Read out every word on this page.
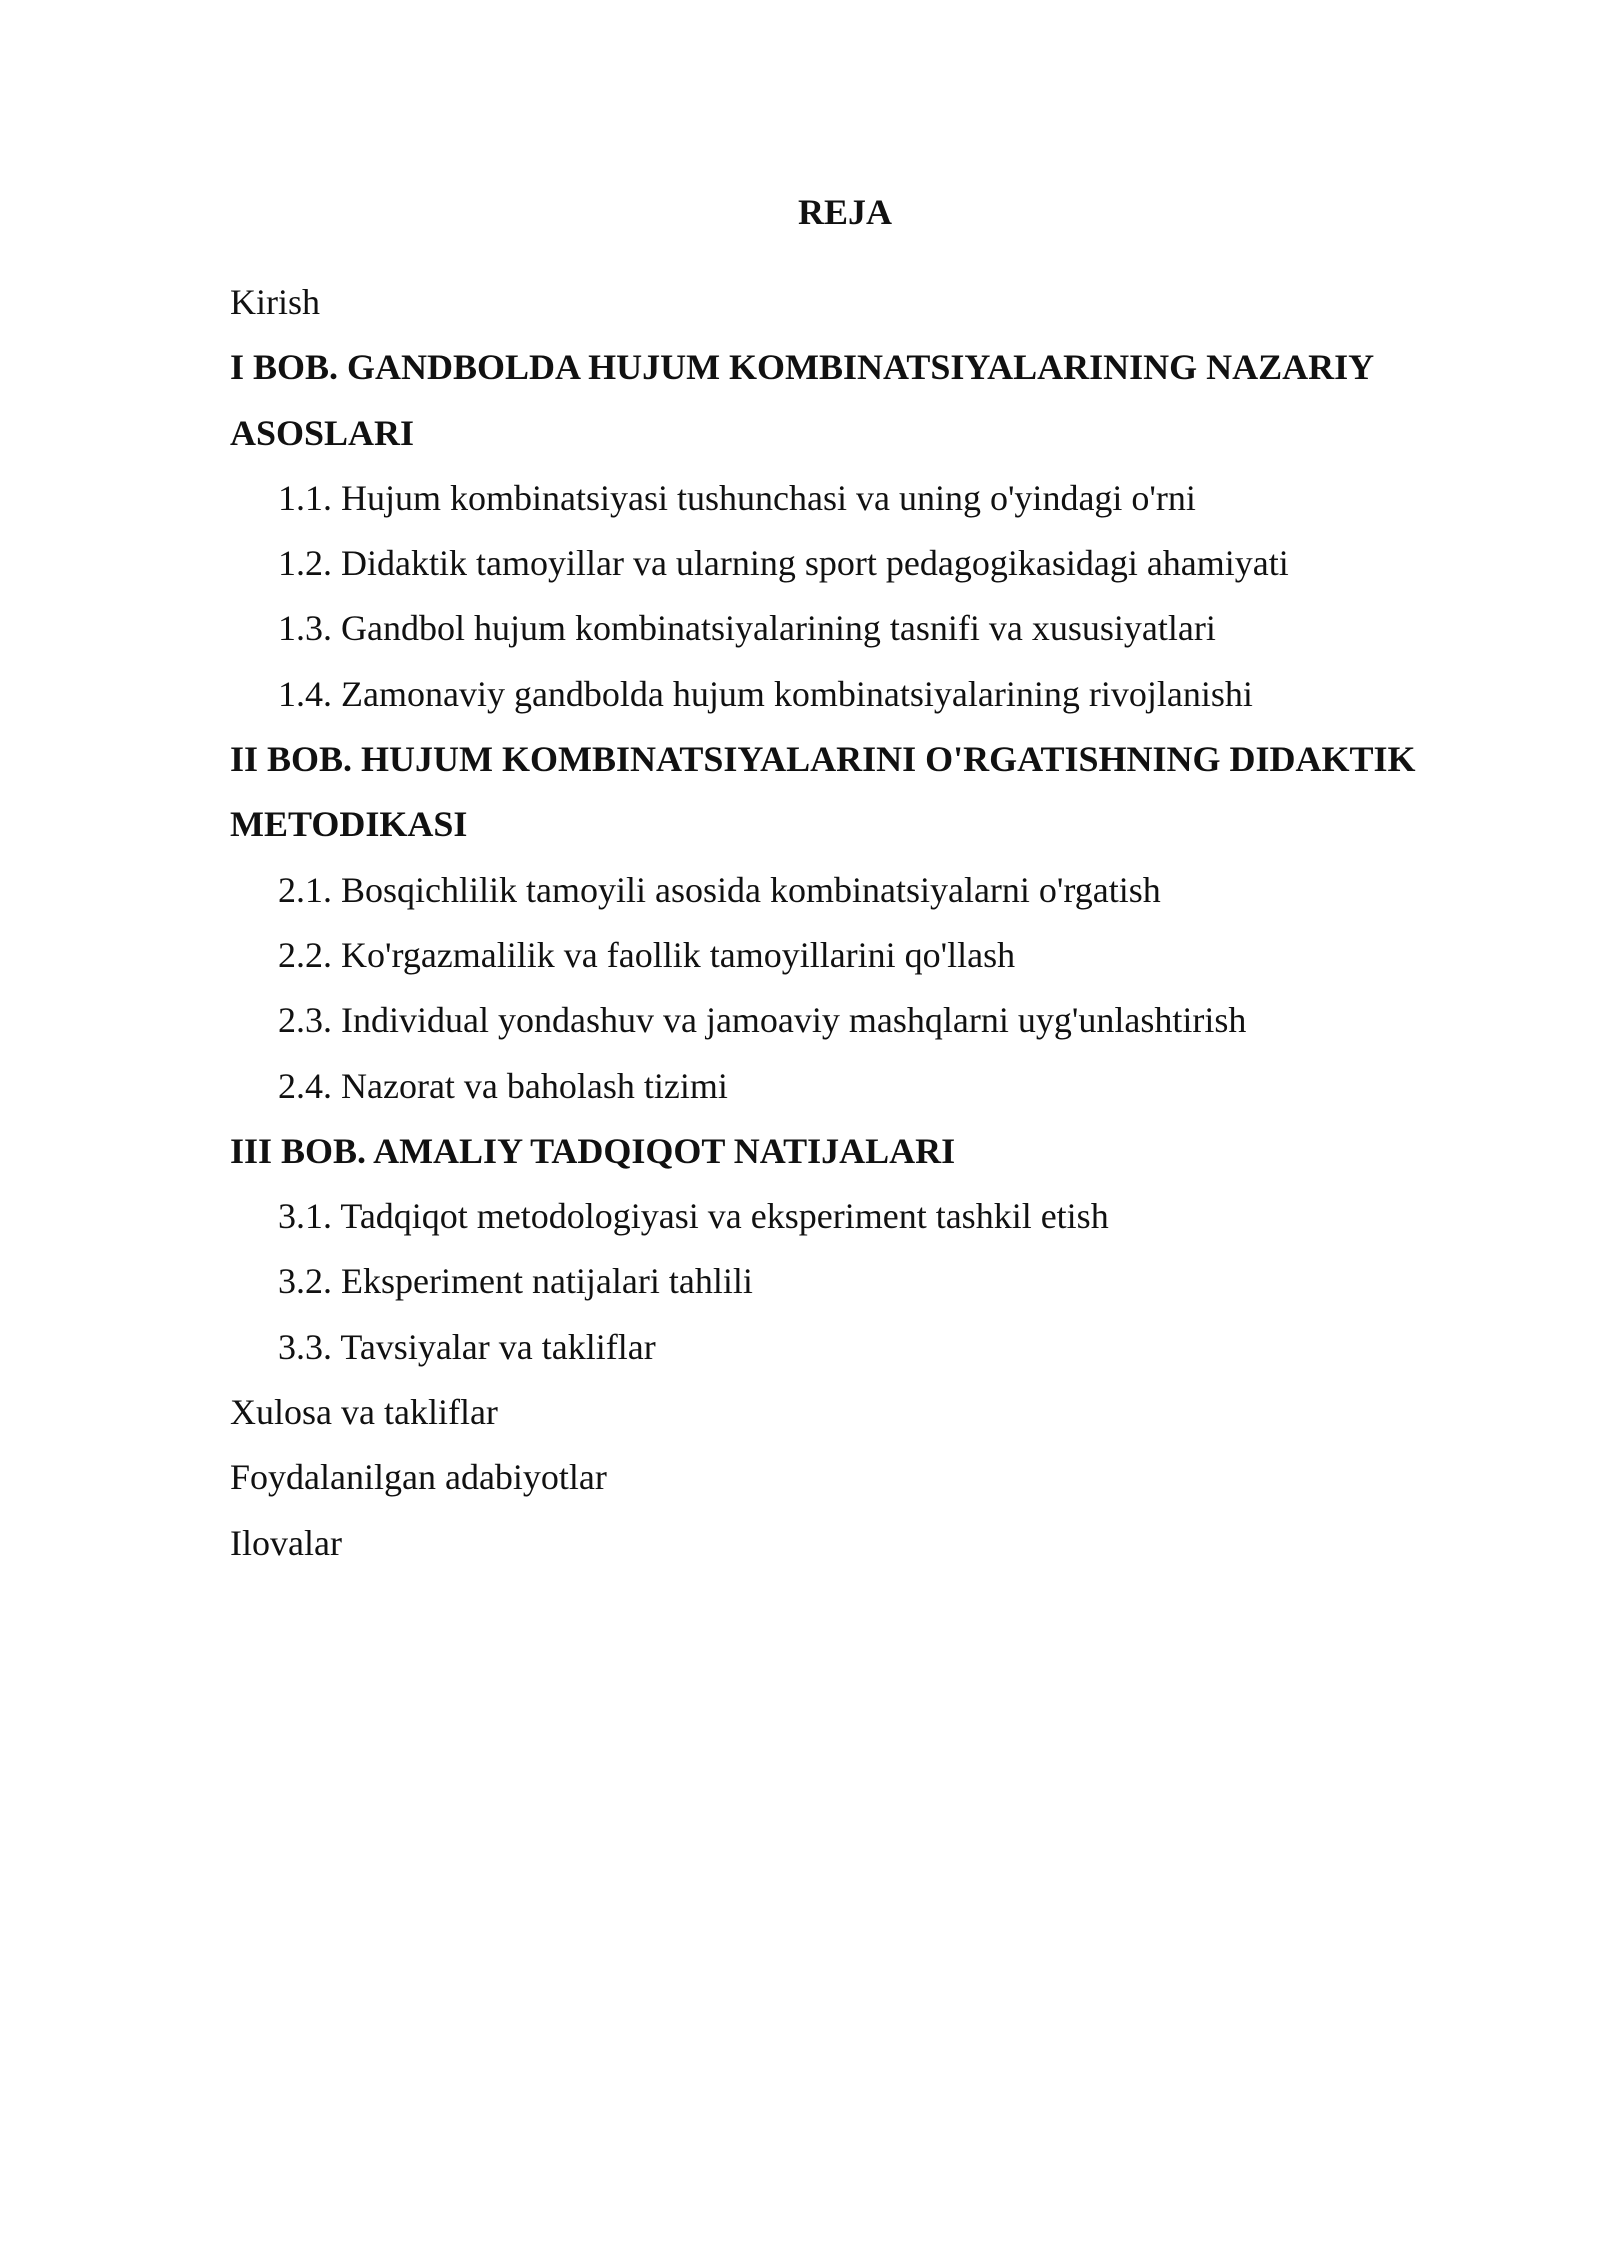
REJA
Kirish
I BOB. GANDBOLDA HUJUM KOMBINATSIYALARINING NAZARIY
ASOSLARI
1.1. Hujum kombinatsiyasi tushunchasi va uning o'yindagi o'rni
1.2. Didaktik tamoyillar va ularning sport pedagogikasidagi ahamiyati
1.3. Gandbol hujum kombinatsiyalarining tasnifi va xususiyatlari
1.4. Zamonaviy gandbolda hujum kombinatsiyalarining rivojlanishi
II BOB. HUJUM KOMBINATSIYALARINI O'RGATISHNING DIDAKTIK
METODIKASI
2.1. Bosqichlilik tamoyili asosida kombinatsiyalarni o'rgatish
2.2. Ko'rgazmalilik va faollik tamoyillarini qo'llash
2.3. Individual yondashuv va jamoaviy mashqlarni uyg'unlashtirish
2.4. Nazorat va baholash tizimi
III BOB. AMALIY TADQIQOT NATIJALARI
3.1. Tadqiqot metodologiyasi va eksperiment tashkil etish
3.2. Eksperiment natijalari tahlili
3.3. Tavsiyalar va takliflar
Xulosa va takliflar
Foydalanilgan adabiyotlar
Ilovalar
